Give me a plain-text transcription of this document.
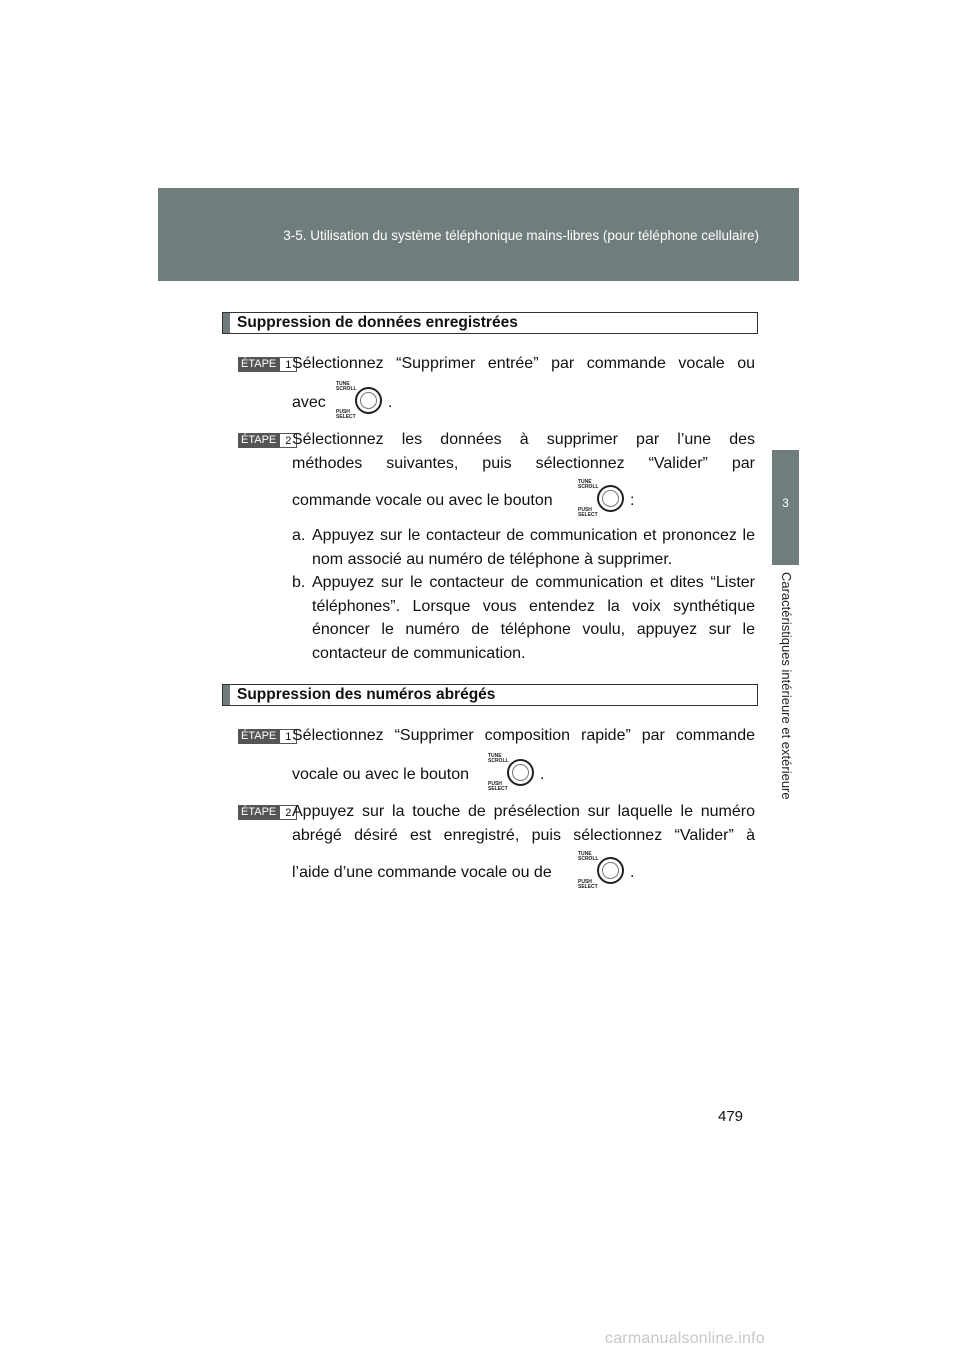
3-5. Utilisation du système téléphonique mains-libres (pour téléphone cellulaire)
3
Caractéristiques intérieure et extérieure
Suppression de données enregistrées
ÉTAPE 1 Sélectionnez “Supprimer entrée” par commande vocale ou
avec
TUNE
SCROLL
PUSH
SELECT
.
ÉTAPE 2 Sélectionnez les données à supprimer par l’une des
méthodes suivantes, puis sélectionnez “Valider” par
commande vocale ou avec le bouton
TUNE
SCROLL
PUSH
SELECT
:
a. Appuyez sur le contacteur de communication et prononcez le nom associé au numéro de téléphone à supprimer.
b. Appuyez sur le contacteur de communication et dites “Lister téléphones”. Lorsque vous entendez la voix synthétique énoncer le numéro de téléphone voulu, appuyez sur le contacteur de communication.
Suppression des numéros abrégés
ÉTAPE 1 Sélectionnez “Supprimer composition rapide” par commande
vocale ou avec le bouton
TUNE
SCROLL
PUSH
SELECT
.
ÉTAPE 2 Appuyez sur la touche de présélection sur laquelle le numéro
abrégé désiré est enregistré, puis sélectionnez “Valider” à
l’aide d’une commande vocale ou de
TUNE
SCROLL
PUSH
SELECT
.
479
carmanualsonline.info
